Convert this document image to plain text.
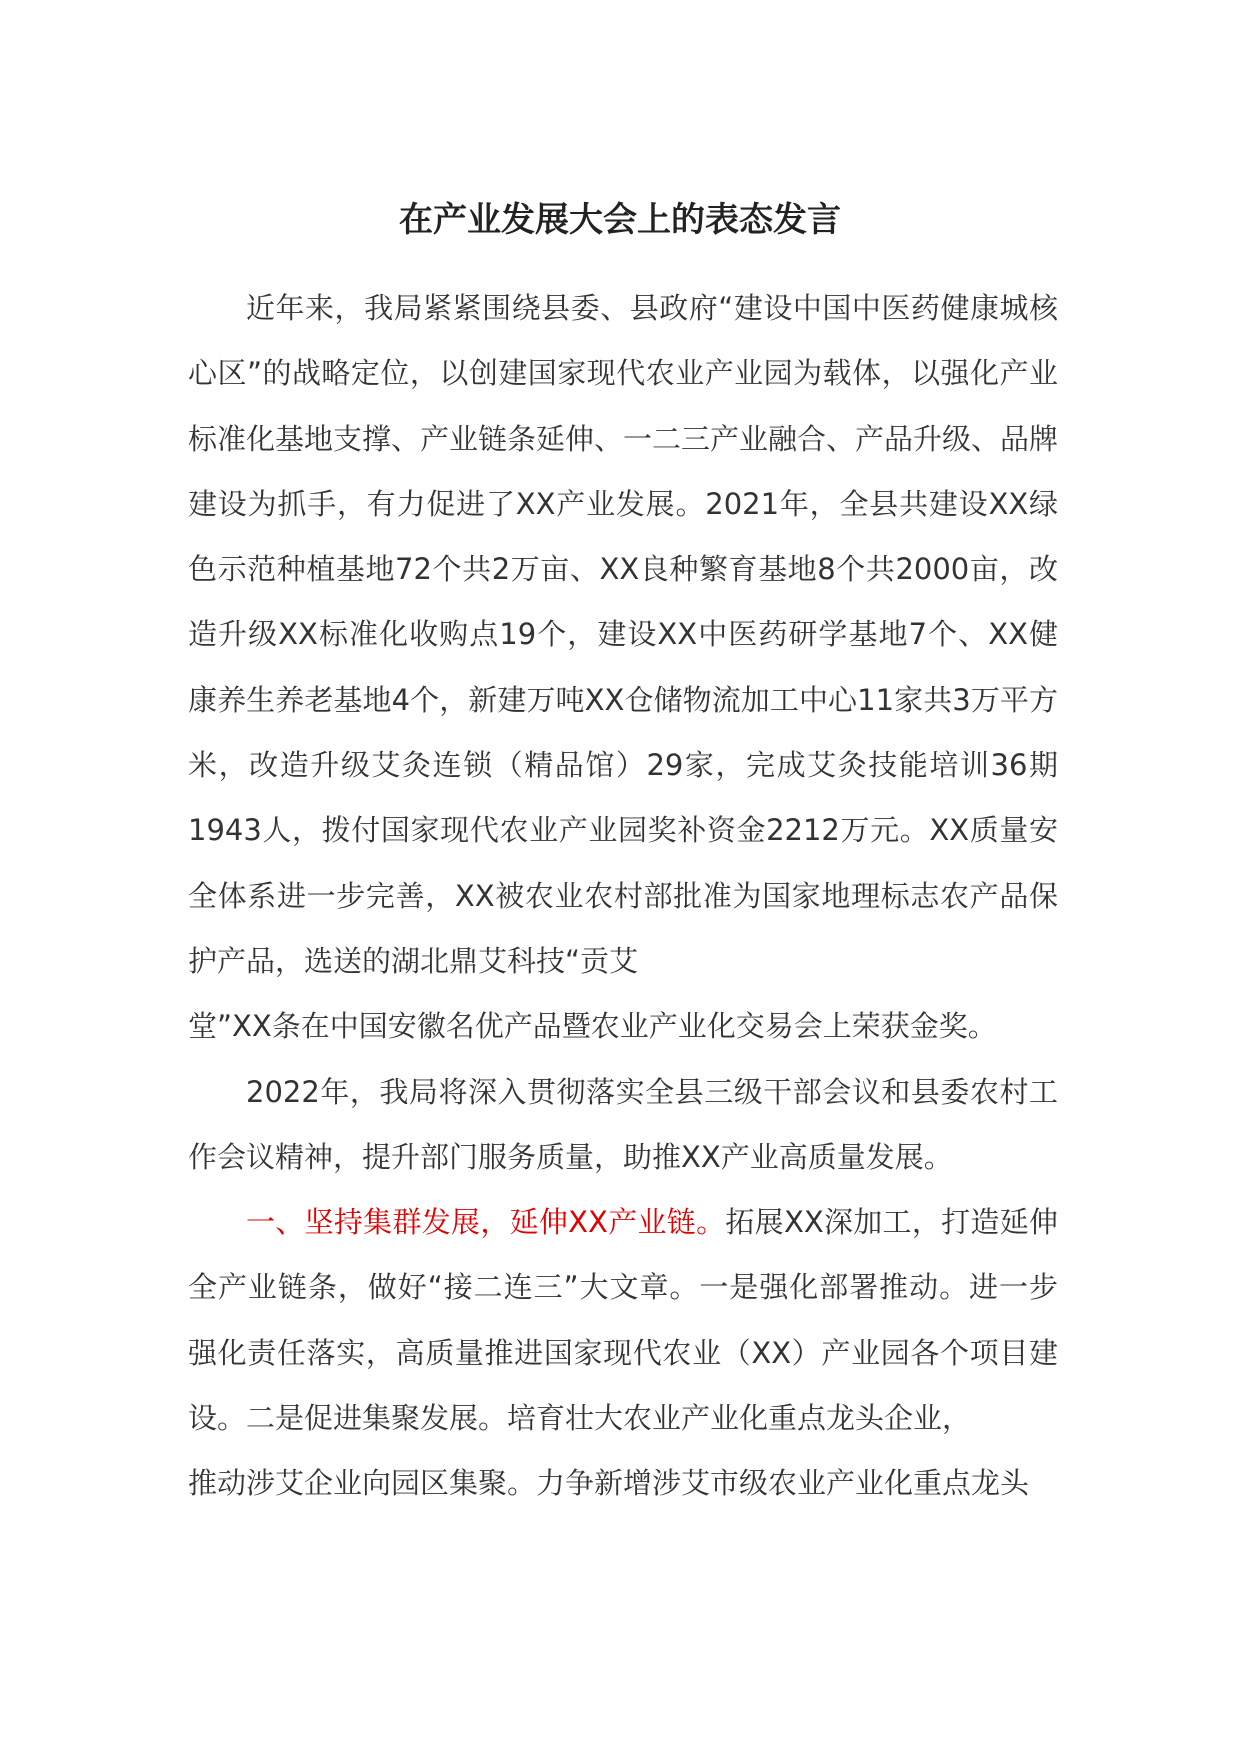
在产业发展大会上的表态发言

近年来，我局紧紧围绕县委、县政府“建设中国中医药健康城核心区”的战略定位，以创建国家现代农业产业园为载体，以强化产业标准化基地支撑、产业链条延伸、一二三产业融合、产品升级、品牌建设为抓手，有力促进了XX产业发展。2021年，全县共建设XX绿色示范种植基地72个共2万亩、XX良种繁育基地8个共2000亩，改造升级XX标准化收购点19个，建设XX中医药研学基地7个、XX健康养生养老基地4个，新建万吨XX仓储物流加工中心11家共3万平方米，改造升级艾灸连锁（精品馆）29家，完成艾灸技能培训36期1943人，拨付国家现代农业产业园奖补资金2212万元。XX质量安全体系进一步完善，XX被农业农村部批准为国家地理标志农产品保护产品，选送的湖北鼎艾科技“贡艾

堂”XX条在中国安徽名优产品暨农业产业化交易会上荣获金奖。

2022年，我局将深入贯彻落实全县三级干部会议和县委农村工作会议精神，提升部门服务质量，助推XX产业高质量发展。

一、坚持集群发展，延伸XX产业链。拓展XX深加工，打造延伸全产业链条，做好“接二连三”大文章。一是强化部署推动。进一步强化责任落实，高质量推进国家现代农业（XX）产业园各个项目建设。二是促进集聚发展。培育壮大农业产业化重点龙头企业，

推动涉艾企业向园区集聚。力争新增涉艾市级农业产业化重点龙头
